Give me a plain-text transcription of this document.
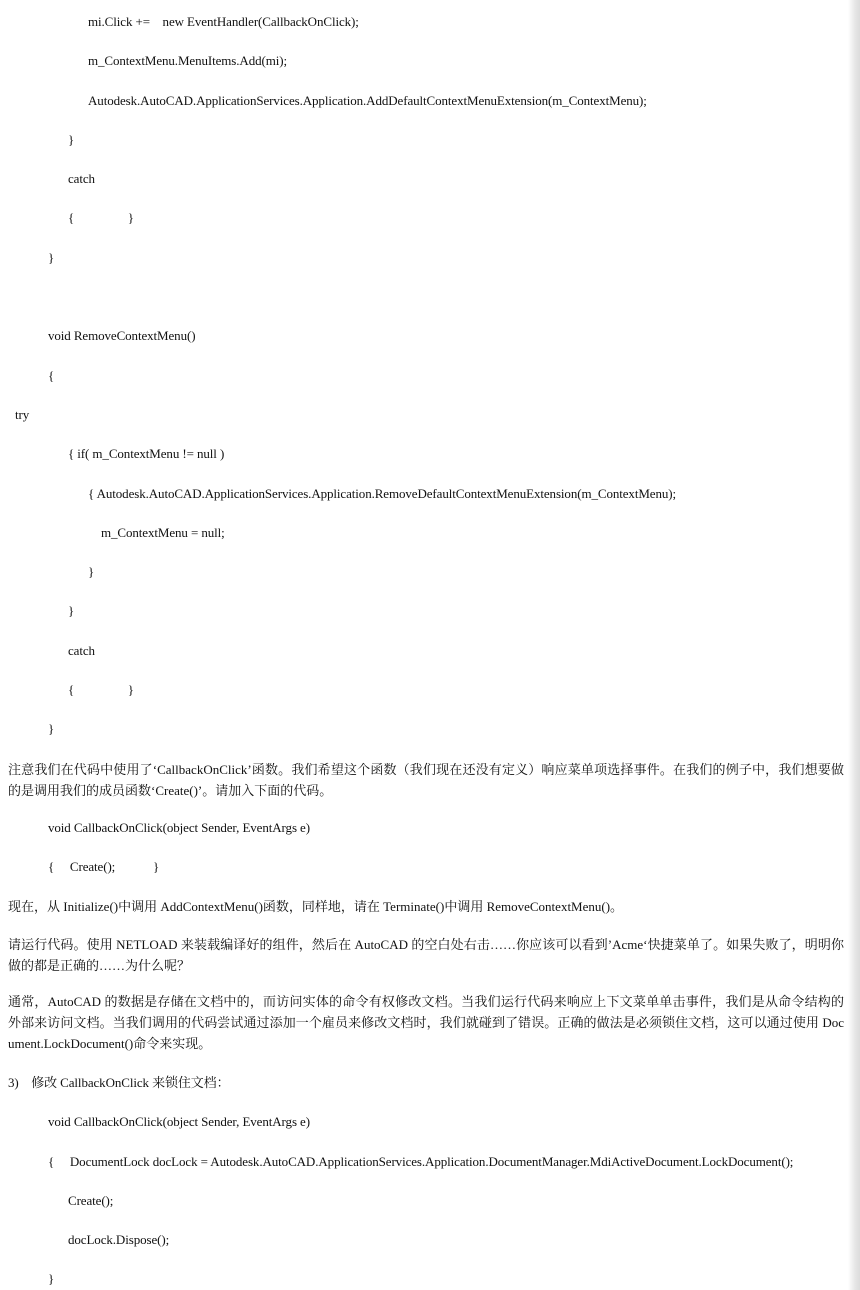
mi.Click +=    new EventHandler(CallbackOnClick);
m_ContextMenu.MenuItems.Add(mi);
Autodesk.AutoCAD.ApplicationServices.Application.AddDefaultContextMenuExtension(m_ContextMenu);
}
catch
{                 }
}
void RemoveContextMenu()
{
try
{ if( m_ContextMenu != null )
{ Autodesk.AutoCAD.ApplicationServices.Application.RemoveDefaultContextMenuExtension(m_ContextMenu);
m_ContextMenu = null;
}
}
catch
{                 }
}
注意我们在代码中使用了‘CallbackOnClick’函数。我们希望这个函数（我们现在还没有定义）响应菜单项选择事件。在我们的例子中，我们想要做的是调用我们的成员函数‘Create()’。请加入下面的代码。
void CallbackOnClick(object Sender, EventArgs e)
{     Create();            }
现在，从 Initialize()中调用 AddContextMenu()函数，同样地，请在 Terminate()中调用 RemoveContextMenu()。
请运行代码。使用 NETLOAD 来装载编译好的组件，然后在 AutoCAD 的空白处右击……你应该可以看到’Acme‘快捷菜单了。如果失败了，明明你做的都是正确的……为什么呢？
通常，AutoCAD 的数据是存储在文档中的，而访问实体的命令有权修改文档。当我们运行代码来响应上下文菜单单击事件，我们是从命令结构的外部来访问文档。当我们调用的代码尝试通过添加一个雇员来修改文档时，我们就碰到了错误。正确的做法是必须锁住文档，这可以通过使用 Document.LockDocument()命令来实现。
3)    修改 CallbackOnClick 来锁住文档：
void CallbackOnClick(object Sender, EventArgs e)
{     DocumentLock docLock = Autodesk.AutoCAD.ApplicationServices.Application.DocumentManager.MdiActiveDocument.LockDocument();
Create();
docLock.Dispose();
}
